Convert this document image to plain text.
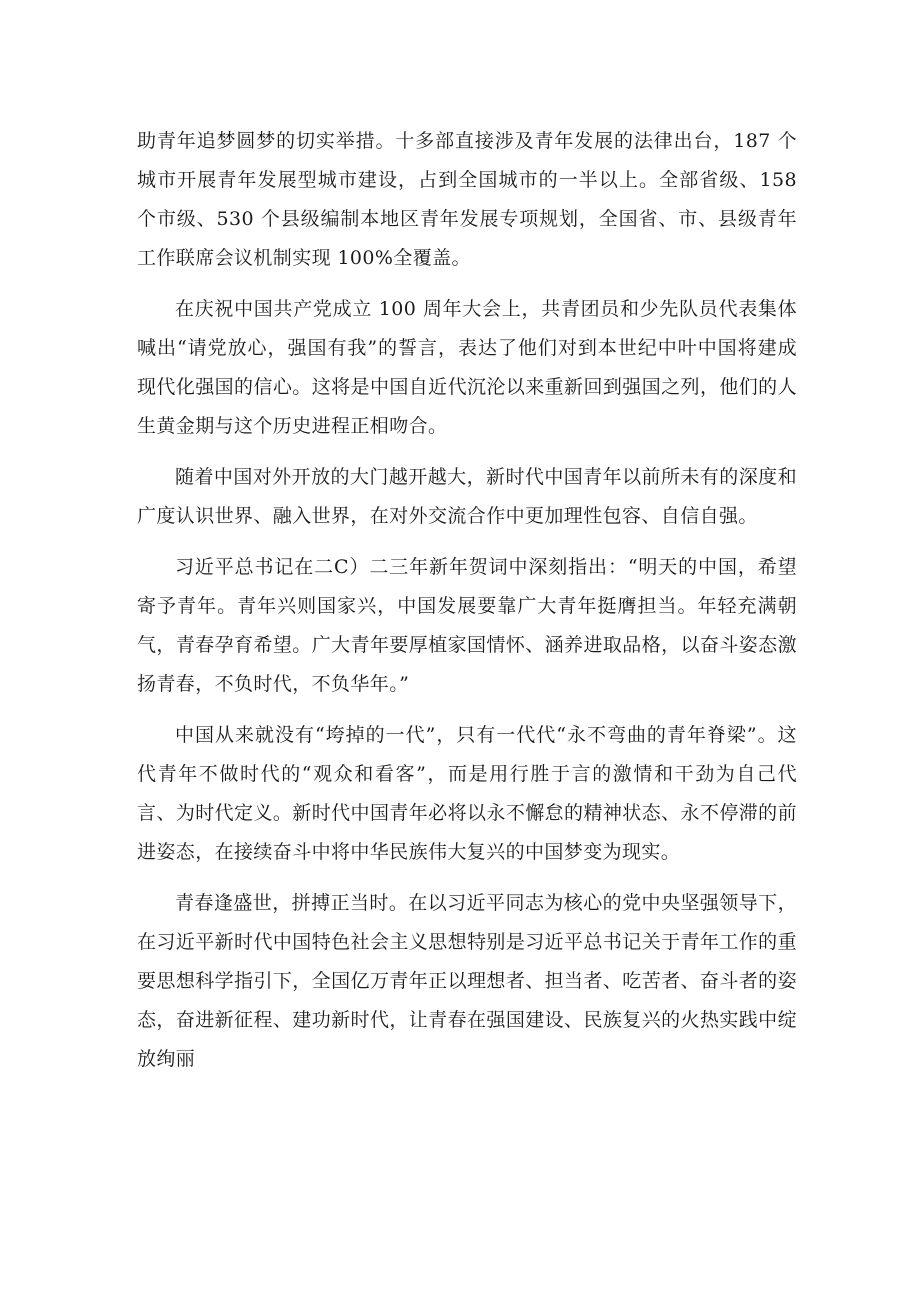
助青年追梦圆梦的切实举措。十多部直接涉及青年发展的法律出台，187 个城市开展青年发展型城市建设，占到全国城市的一半以上。全部省级、158 个市级、530 个县级编制本地区青年发展专项规划，全国省、市、县级青年工作联席会议机制实现 100%全覆盖。

在庆祝中国共产党成立 100 周年大会上，共青团员和少先队员代表集体喊出“请党放心，强国有我”的誓言，表达了他们对到本世纪中叶中国将建成现代化强国的信心。这将是中国自近代沉沦以来重新回到强国之列，他们的人生黄金期与这个历史进程正相吻合。

随着中国对外开放的大门越开越大，新时代中国青年以前所未有的深度和广度认识世界、融入世界，在对外交流合作中更加理性包容、自信自强。

习近平总书记在二C）二三年新年贺词中深刻指出：“明天的中国，希望寄予青年。青年兴则国家兴，中国发展要靠广大青年挺膺担当。年轻充满朝气，青春孕育希望。广大青年要厚植家国情怀、涵养进取品格，以奋斗姿态激扬青春，不负时代，不负华年。”

中国从来就没有“垮掉的一代”，只有一代代“永不弯曲的青年脊梁”。这代青年不做时代的“观众和看客”，而是用行胜于言的激情和干劲为自己代言、为时代定义。新时代中国青年必将以永不懈怠的精神状态、永不停滞的前进姿态，在接续奋斗中将中华民族伟大复兴的中国梦变为现实。

青春逢盛世，拼搏正当时。在以习近平同志为核心的党中央坚强领导下，在习近平新时代中国特色社会主义思想特别是习近平总书记关于青年工作的重要思想科学指引下，全国亿万青年正以理想者、担当者、吃苦者、奋斗者的姿态，奋进新征程、建功新时代，让青春在强国建设、民族复兴的火热实践中绽放绚丽
